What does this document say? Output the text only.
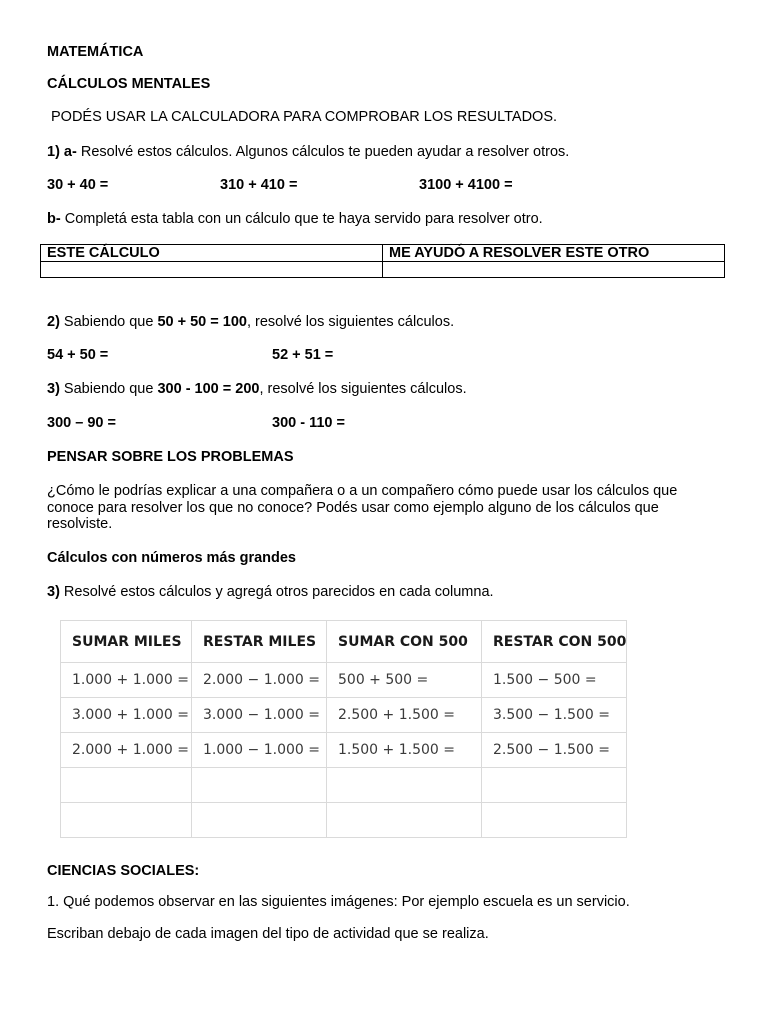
MATEMÁTICA
CÁLCULOS MENTALES
PODÉS USAR LA CALCULADORA PARA COMPROBAR LOS RESULTADOS.
1) a- Resolvé estos cálculos. Algunos cálculos te pueden ayudar a resolver otros.
30 + 40 =	310 + 410 =	3100 + 4100 =
b- Completá esta tabla con un cálculo que te haya servido para resolver otro.
ESTE CÁLCULO	ME AYUDÓ A RESOLVER ESTE OTRO

2) Sabiendo que 50 + 50 = 100, resolvé los siguientes cálculos.
54 + 50 =	52 + 51 =
3) Sabiendo que 300 - 100 = 200, resolvé los siguientes cálculos.
300 – 90 =	300 - 110 =
PENSAR SOBRE LOS PROBLEMAS
¿Cómo le podrías explicar a una compañera o a un compañero cómo puede usar los cálculos que
conoce para resolver los que no conoce? Podés usar como ejemplo alguno de los cálculos que
resolviste.
Cálculos con números más grandes
3) Resolvé estos cálculos y agregá otros parecidos en cada columna.
SUMAR MILES	RESTAR MILES	SUMAR CON 500	RESTAR CON 500
1.000 + 1.000 =	2.000 − 1.000 =	500 + 500 =	1.500 − 500 =
3.000 + 1.000 =	3.000 − 1.000 =	2.500 + 1.500 =	3.500 − 1.500 =
2.000 + 1.000 =	1.000 − 1.000 =	1.500 + 1.500 =	2.500 − 1.500 =

CIENCIAS SOCIALES:
1. Qué podemos observar en las siguientes imágenes: Por ejemplo escuela es un servicio.
Escriban debajo de cada imagen del tipo de actividad que se realiza.
